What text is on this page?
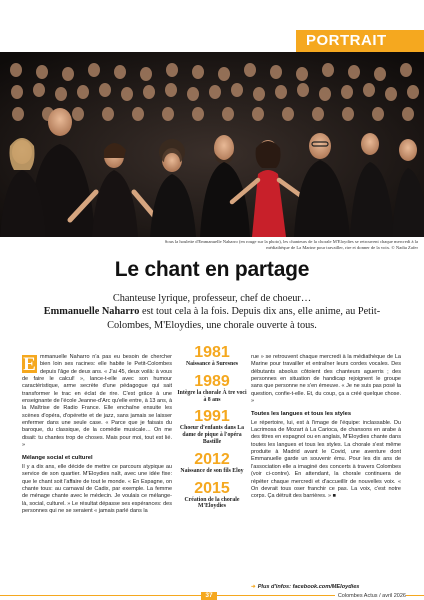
PORTRAIT
Sous la houlette d'Emmanuelle Naharro (en rouge sur la photo), les chanteurs de la chorale M'Eloydies se retrouvent chaque mercredi à la médiathèque de La Marine pour travailler, rire et donner de la voix. © Nadia Zafer
Le chant en partage
Chanteuse lyrique, professeur, chef de choeur…
Emmanuelle Naharro est tout cela à la fois. Depuis dix ans, elle anime, au Petit-Colombes, M'Eloydies, une chorale ouverte à tous.
E mmanuelle Naharro n'a pas eu besoin de chercher bien loin ses racines: elle habite le Petit-Colombes depuis l'âge de deux ans. « J'ai 45, deux voilà: à vous de faire le calcul! », lance-t-elle avec son humour caractéristique, arme secrète d'une pédagogue qui sait transformer le trac en éclat de rire. C'est grâce à une enseignante de l'école Jeanne-d'Arc qu'elle entre, à 13 ans, à la Maîtrise de Radio France. Elle enchaîne ensuite les scènes d'opéra, d'opérette et de jazz, sans jamais se laisser enfermer dans une seule case. « Parce que je faisais du baroque, du classique, de la comédie musicale… On me disait: tu chantes trop de choses. Mais pour moi, tout est lié. »

Mélange social et culturel

Il y a dix ans, elle décide de mettre ce parcours atypique au service de son quartier. M'Eloydies naît, avec une idée fixe: que le chant soit l'affaire de tout le monde. « En Espagne, on chante tous: au carnaval de Cadix, par exemple. La femme de ménage chante avec le médecin. Je voulais ce mélange-là, social, culturel. » Le résultat dépasse ses espérances: des personnes qui ne se seraient « jamais parlé dans la

1981
Naissance à Suresnes
1989
Intègre la chorale À tre voci à 8 ans
1991
Choeur d'enfants dans La dame de pique à l'opéra Bastille
2012
Naissance de son fils Eloy
2015
Création de la chorale M'Eloydies

rue » se retrouvent chaque mercredi à la médiathèque de La Marine pour travailler et entraîner leurs cordes vocales. Des débutants absolus côtoient des chanteurs aguerris ; des personnes en situation de handicap rejoignent le groupe sans que personne ne s'en émeuve. « Je ne suis pas posé la question, confie-t-elle. Et, du coup, ça a créé quelque chose. »

Toutes les langues et tous les styles

Le répertoire, lui, est à l'image de l'équipe: inclassable. Du Lacrimosa de Mozart à La Carioca, de chansons en arabe à des titres en espagnol ou en anglais, M'Eloydies chante dans toutes les langues et tous les styles. La chorale s'est même produite à Madrid avant le Covid, une aventure dont Emmanuelle garde un souvenir ému. Pour les dix ans de l'association elle a imaginé des concerts à travers Colombes (voir ci-contre). En attendant, la chorale continuera de répéter chaque mercredi et d'accueillir de nouvelles voix. « On devrait tous oser franchir ce pas. La voix, c'est notre corps. Ça détruit des barrières. » ■

➜ Plus d'infos: facebook.com/MEloydies
37	Colombes Actus / avril 2026
